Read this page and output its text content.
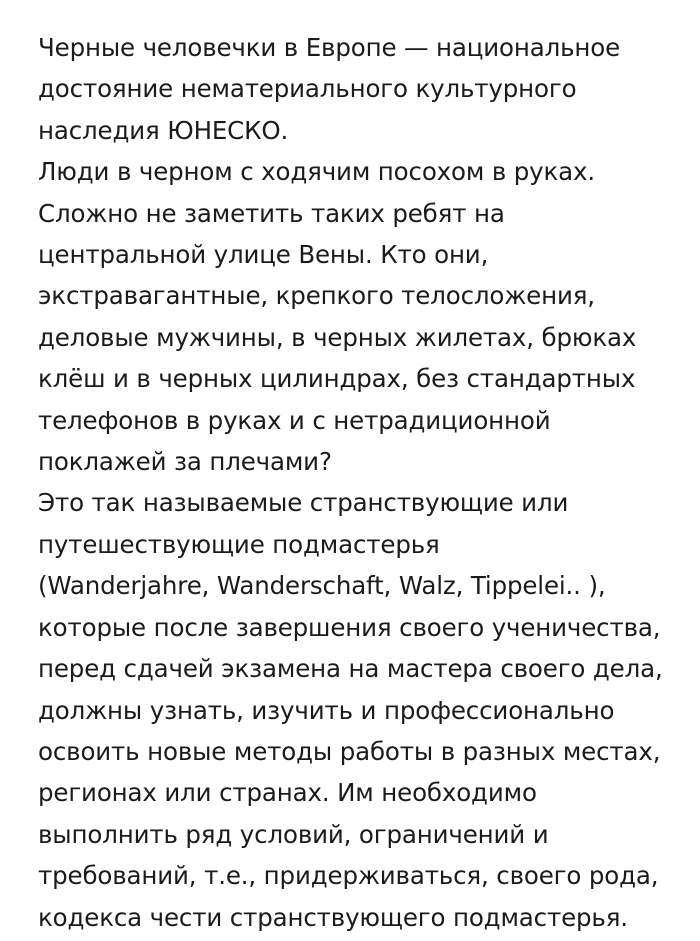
Черные человечки в Европе — национальное
достояние нематериального культурного
наследия ЮНЕСКО.

Люди в черном с ходячим посохом в руках.
Сложно не заметить таких ребят на
центральной улице Вены. Кто они,
экстравагантные, крепкого телосложения,
деловые мужчины, в черных жилетах, брюках
клёш и в черных цилиндрах, без стандартных
телефонов в руках и с нетрадиционной
поклажей за плечами?

Это так называемые странствующие или
путешествующие подмастерья
(Wanderjahre, Wanderschaft, Walz, Tippelei.. ),
которые после завершения своего ученичества,
перед сдачей экзамена на мастера своего дела,
должны узнать, изучить и профессионально
освоить новые методы работы в разных местах,
регионах или странах. Им необходимо
выполнить ряд условий, ограничений и
требований, т.е., придерживаться, своего рода,
кодекса чести странствующего подмастерья.
